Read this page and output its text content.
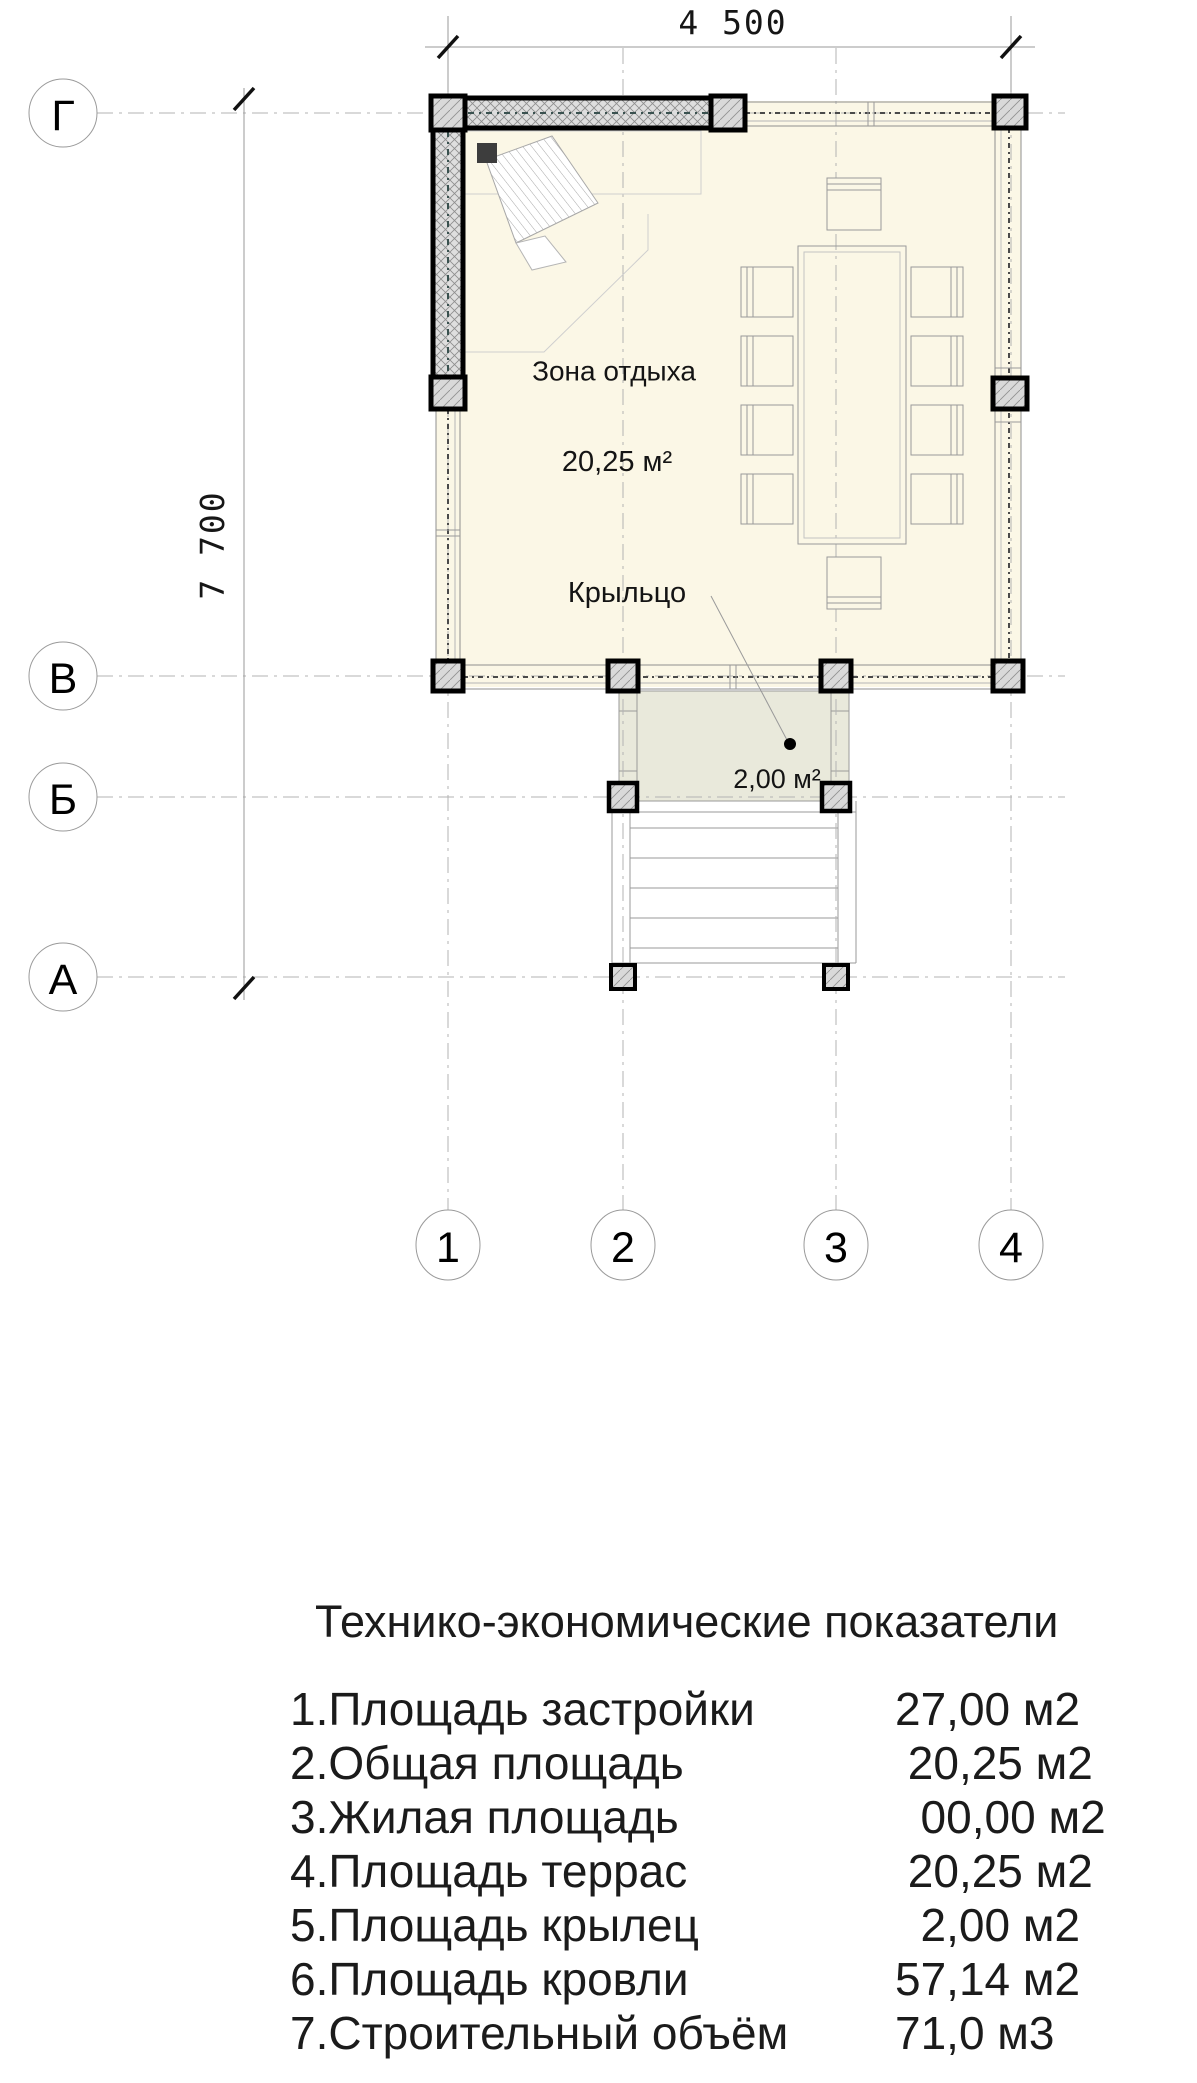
4 500
7 700
Зона отдыха
20,25 м²
Крыльцо
2,00 м²
Г
В
Б
А
1	2	3	4
Технико-экономические показатели
1.Площадь застройки	27,00 м2
2.Общая площадь	20,25 м2
3.Жилая площадь	00,00 м2
4.Площадь террас	20,25 м2
5.Площадь крылец	2,00 м2
6.Площадь кровли	57,14 м2
7.Строительный объём	71,0 м3
